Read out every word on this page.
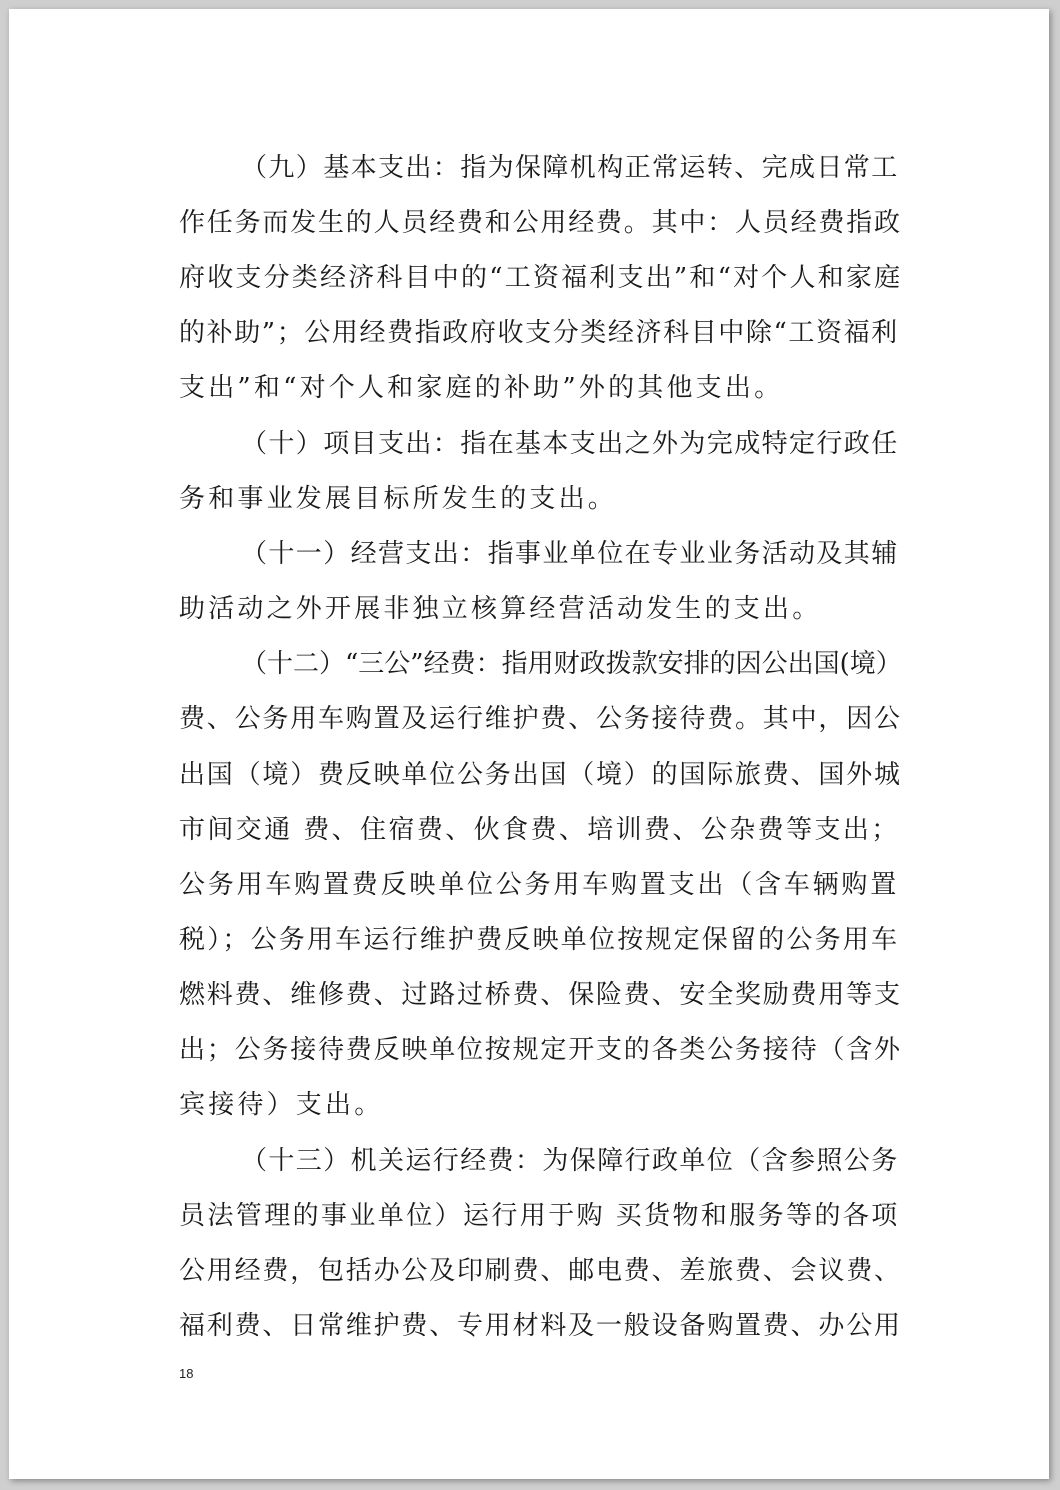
（九）基本支出：指为保障机构正常运转、完成日常工
作任务而发生的人员经费和公用经费。其中：人员经费指政
府收支分类经济科目中的“工资福利支出”和“对个人和家庭
的补助”；公用经费指政府收支分类经济科目中除“工资福利
支出”和“对个人和家庭的补助”外的其他支出。
（十）项目支出：指在基本支出之外为完成特定行政任
务和事业发展目标所发生的支出。
（十一）经营支出：指事业单位在专业业务活动及其辅
助活动之外开展非独立核算经营活动发生的支出。
（十二）“三公”经费：指用财政拨款安排的因公出国(境）
费、公务用车购置及运行维护费、公务接待费。其中，因公
出国（境）费反映单位公务出国（境）的国际旅费、国外城
市间交通 费、住宿费、伙食费、培训费、公杂费等支出；
公务用车购置费反映单位公务用车购置支出（含车辆购置
税）；公务用车运行维护费反映单位按规定保留的公务用车
燃料费、维修费、过路过桥费、保险费、安全奖励费用等支
出；公务接待费反映单位按规定开支的各类公务接待（含外
宾接待）支出。
（十三）机关运行经费：为保障行政单位（含参照公务
员法管理的事业单位）运行用于购 买货物和服务等的各项
公用经费，包括办公及印刷费、邮电费、差旅费、会议费、
福利费、日常维护费、专用材料及一般设备购置费、办公用
18
